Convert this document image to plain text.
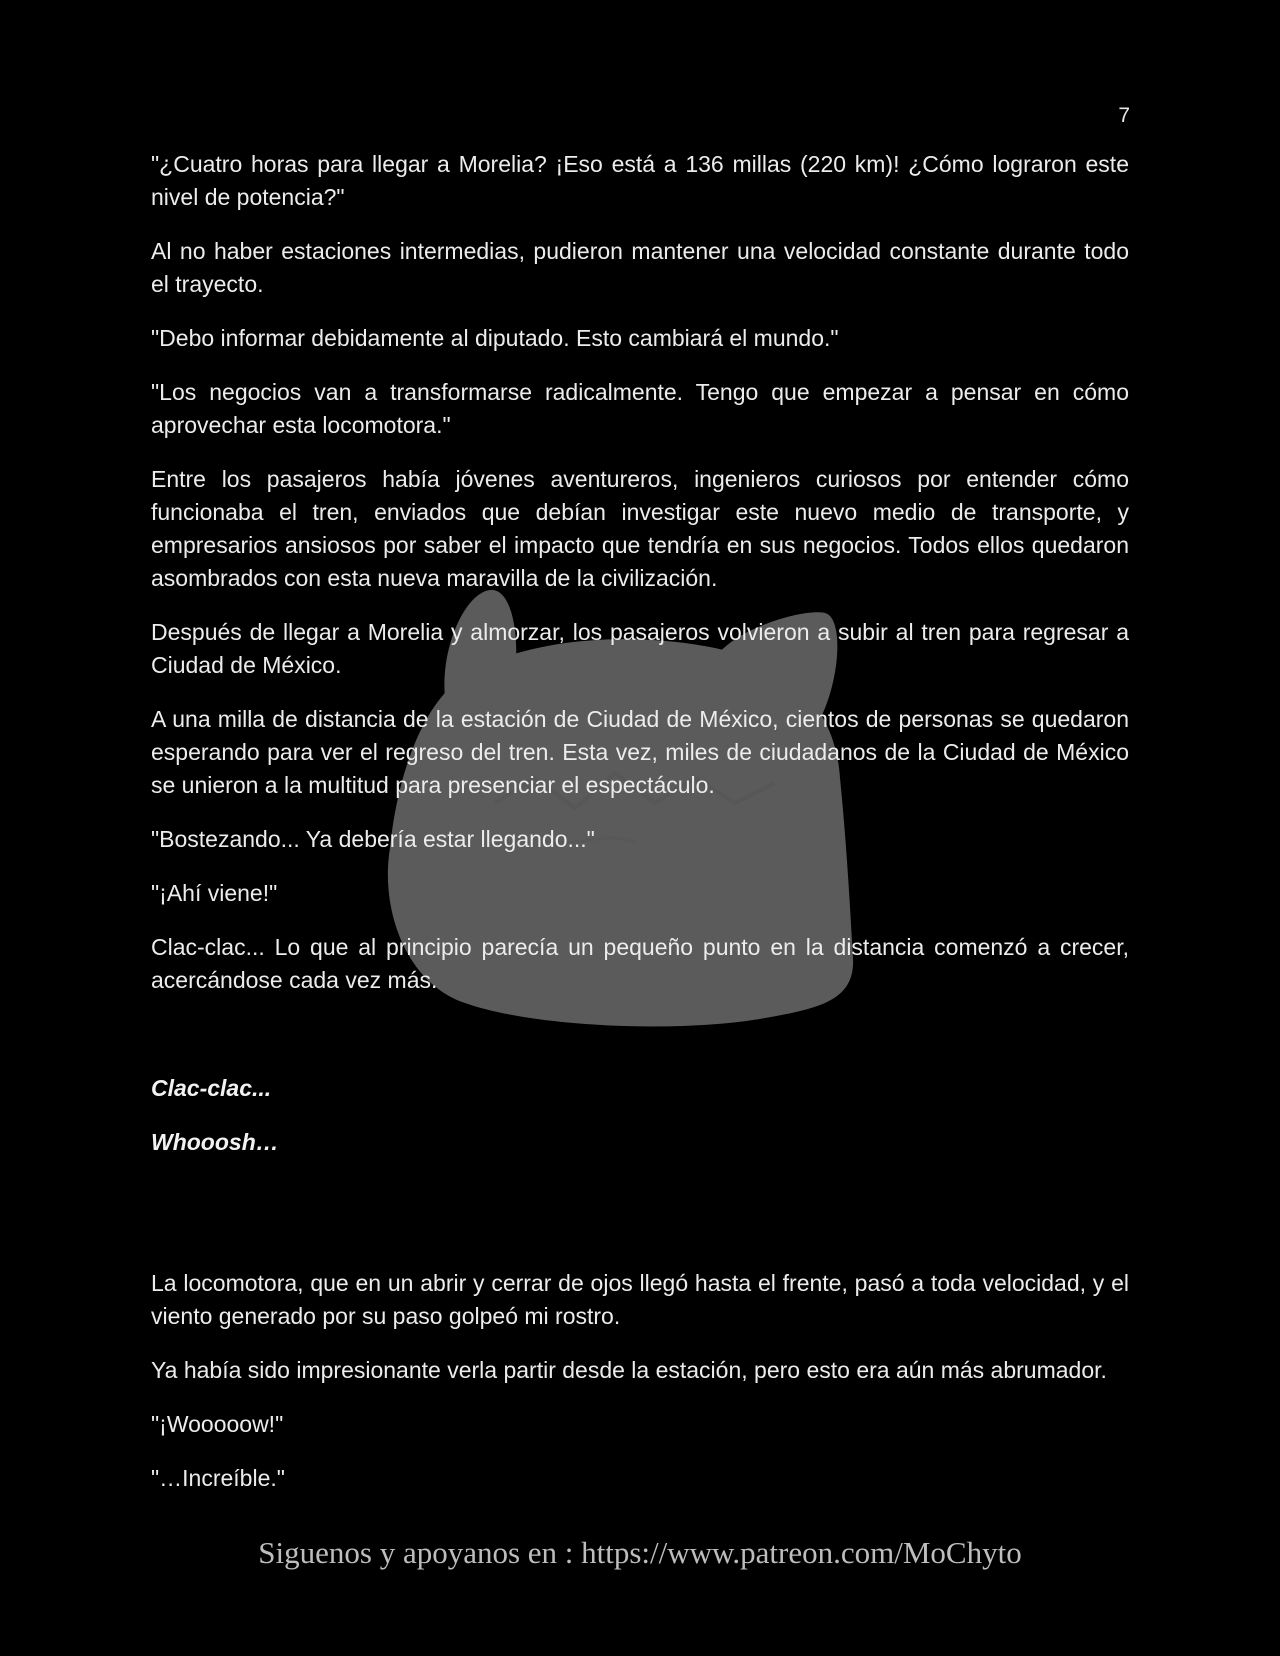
7

"¿Cuatro horas para llegar a Morelia? ¡Eso está a 136 millas (220 km)! ¿Cómo lograron este nivel de potencia?"

Al no haber estaciones intermedias, pudieron mantener una velocidad constante durante todo el trayecto.

"Debo informar debidamente al diputado. Esto cambiará el mundo."

"Los negocios van a transformarse radicalmente. Tengo que empezar a pensar en cómo aprovechar esta locomotora."

Entre los pasajeros había jóvenes aventureros, ingenieros curiosos por entender cómo funcionaba el tren, enviados que debían investigar este nuevo medio de transporte, y empresarios ansiosos por saber el impacto que tendría en sus negocios. Todos ellos quedaron asombrados con esta nueva maravilla de la civilización.

Después de llegar a Morelia y almorzar, los pasajeros volvieron a subir al tren para regresar a Ciudad de México.

A una milla de distancia de la estación de Ciudad de México, cientos de personas se quedaron esperando para ver el regreso del tren. Esta vez, miles de ciudadanos de la Ciudad de México se unieron a la multitud para presenciar el espectáculo.

"Bostezando... Ya debería estar llegando..."

"¡Ahí viene!"

Clac-clac... Lo que al principio parecía un pequeño punto en la distancia comenzó a crecer, acercándose cada vez más.

Clac-clac...

Whooosh…

La locomotora, que en un abrir y cerrar de ojos llegó hasta el frente, pasó a toda velocidad, y el viento generado por su paso golpeó mi rostro.

Ya había sido impresionante verla partir desde la estación, pero esto era aún más abrumador.

"¡Wooooow!"

"…Increíble."

Siguenos y apoyanos en : https://www.patreon.com/MoChyto
